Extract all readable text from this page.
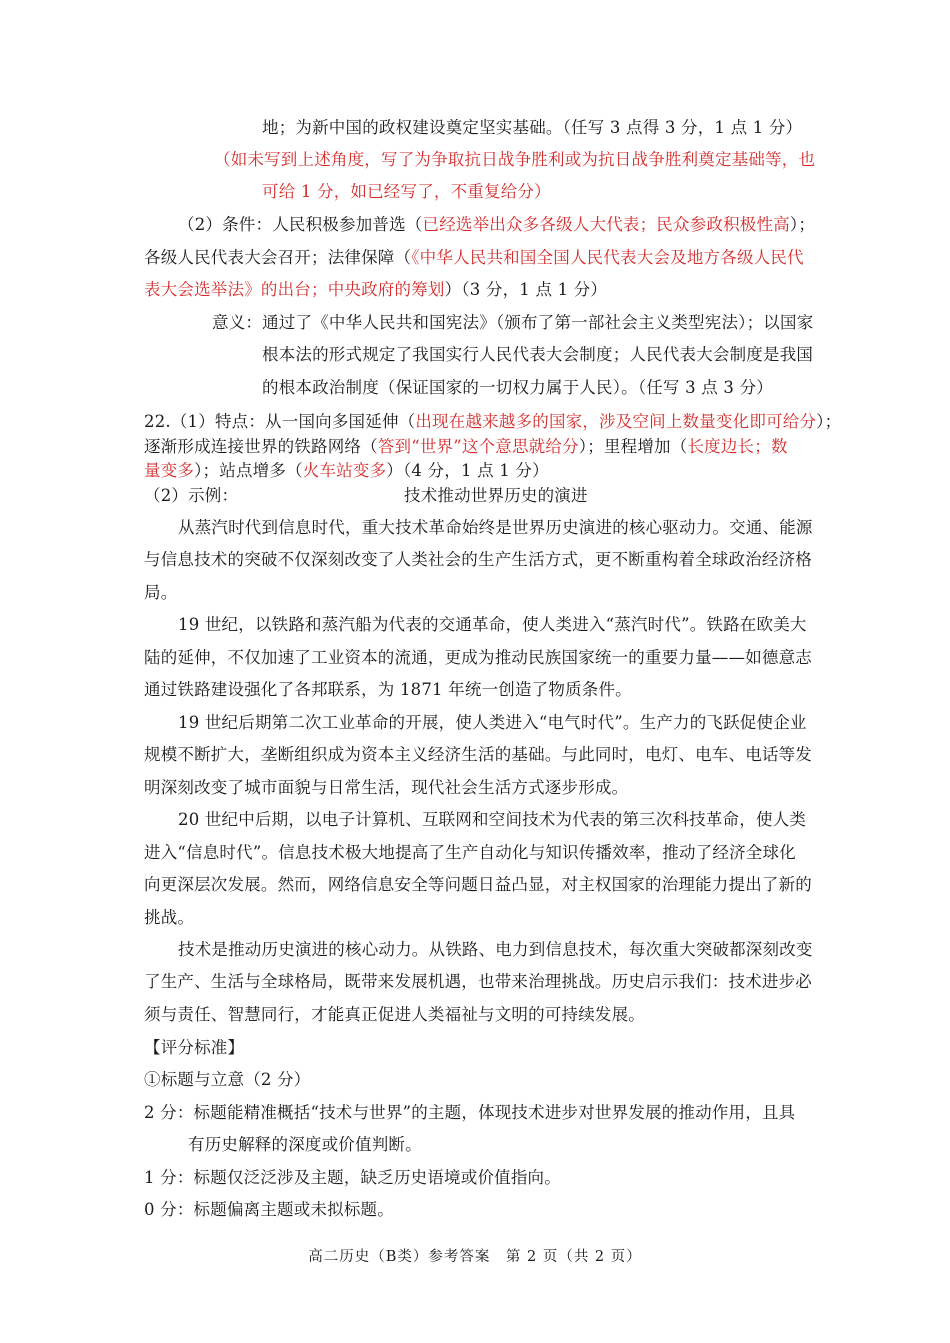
地；为新中国的政权建设奠定坚实基础。（任写 3 点得 3 分，1 点 1 分）
（如未写到上述角度，写了为争取抗日战争胜利或为抗日战争胜利奠定基础等，也
可给 1 分，如已经写了，不重复给分）
（2）条件：人民积极参加普选（已经选举出众多各级人大代表；民众参政积极性高）；
各级人民代表大会召开；法律保障（《中华人民共和国全国人民代表大会及地方各级人民代
表大会选举法》的出台；中央政府的筹划）（3 分，1 点 1 分）
意义：通过了《中华人民共和国宪法》（颁布了第一部社会主义类型宪法）；以国家
根本法的形式规定了我国实行人民代表大会制度；人民代表大会制度是我国
的根本政治制度（保证国家的一切权力属于人民）。（任写 3 点 3 分）
22.（1）特点：从一国向多国延伸（出现在越来越多的国家，涉及空间上数量变化即可给分）；
逐渐形成连接世界的铁路网络（答到“世界”这个意思就给分）；里程增加（长度边长；数
量变多）；站点增多（火车站变多）（4 分，1 点 1 分）
（2）示例：	技术推动世界历史的演进
从蒸汽时代到信息时代，重大技术革命始终是世界历史演进的核心驱动力。交通、能源
与信息技术的突破不仅深刻改变了人类社会的生产生活方式，更不断重构着全球政治经济格
局。
19 世纪，以铁路和蒸汽船为代表的交通革命，使人类进入“蒸汽时代”。铁路在欧美大
陆的延伸，不仅加速了工业资本的流通，更成为推动民族国家统一的重要力量——如德意志
通过铁路建设强化了各邦联系，为 1871 年统一创造了物质条件。
19 世纪后期第二次工业革命的开展，使人类进入“电气时代”。生产力的飞跃促使企业
规模不断扩大，垄断组织成为资本主义经济生活的基础。与此同时，电灯、电车、电话等发
明深刻改变了城市面貌与日常生活，现代社会生活方式逐步形成。
20 世纪中后期，以电子计算机、互联网和空间技术为代表的第三次科技革命，使人类
进入“信息时代”。信息技术极大地提高了生产自动化与知识传播效率，推动了经济全球化
向更深层次发展。然而，网络信息安全等问题日益凸显，对主权国家的治理能力提出了新的
挑战。
技术是推动历史演进的核心动力。从铁路、电力到信息技术，每次重大突破都深刻改变
了生产、生活与全球格局，既带来发展机遇，也带来治理挑战。历史启示我们：技术进步必
须与责任、智慧同行，才能真正促进人类福祉与文明的可持续发展。
【评分标准】
①标题与立意（2 分）
2 分：标题能精准概括“技术与世界”的主题，体现技术进步对世界发展的推动作用，且具
有历史解释的深度或价值判断。
1 分：标题仅泛泛涉及主题，缺乏历史语境或价值指向。
0 分：标题偏离主题或未拟标题。
高二历史（B类）参考答案　第 2 页（共 2 页）
